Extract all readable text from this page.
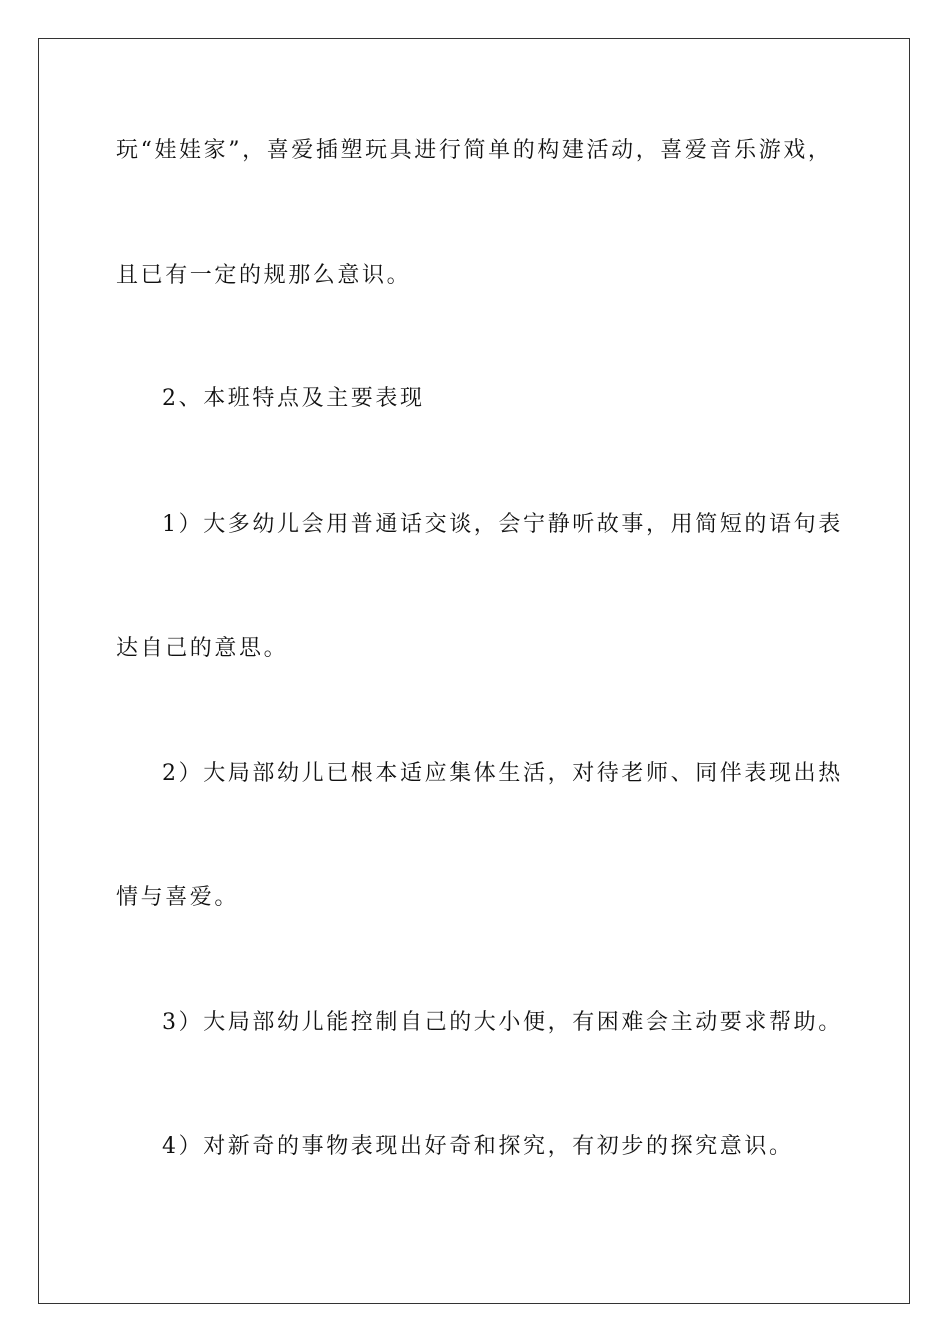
玩“娃娃家”，喜爱插塑玩具进行简单的构建活动，喜爱音乐游戏，
且已有一定的规那么意识。
2、本班特点及主要表现
1）大多幼儿会用普通话交谈，会宁静听故事，用简短的语句表
达自己的意思。
2）大局部幼儿已根本适应集体生活，对待老师、同伴表现出热
情与喜爱。
3）大局部幼儿能控制自己的大小便，有困难会主动要求帮助。
4）对新奇的事物表现出好奇和探究，有初步的探究意识。
